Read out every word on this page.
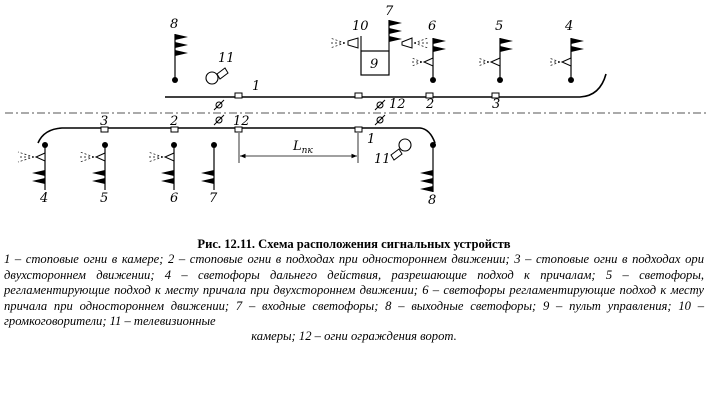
$L_{пк}$
8
11
1
10
9
7
12
6
2
5
3
4
3	2	12
1
11
4	5	6 7	8
Рис. 12.11. Схема расположения сигнальных устройств
1 – стоповые огни в камере; 2 – стоповые огни в подходах при одностороннем движении; 3 – стоповые огни в подходах ори двухстороннем движении; 4 – светофоры дальнего действия, разрешающие подход к причалам; 5 – светофоры, регламентирующие подход к месту причала при двухстороннем движении; 6 – светофоры регламентирующие подход к месту причала при одностороннем движении; 7 – входные светофоры; 8 – выходные светофоры; 9 – пульт управления; 10 – громкоговорители; 11 – телевизионные
камеры; 12 – огни ограждения ворот.
